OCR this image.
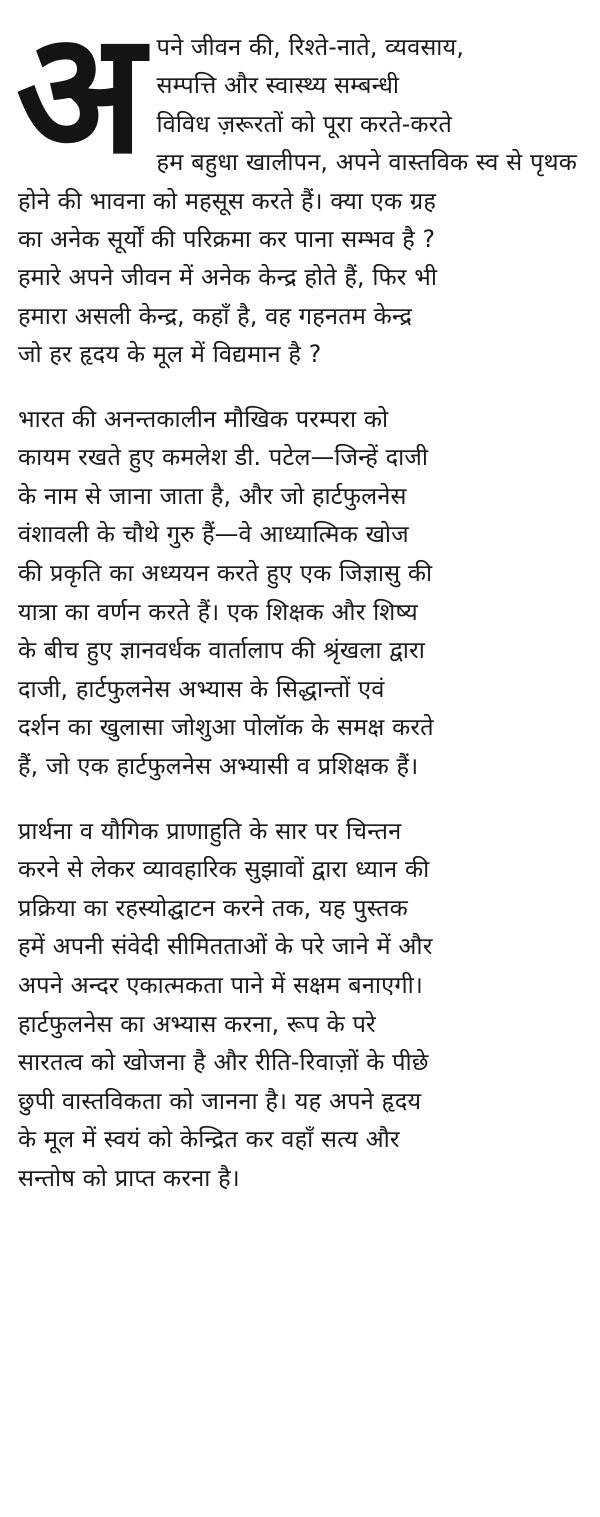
अ पने जीवन की, रिश्ते-नाते, व्यवसाय,
सम्पत्ति और स्वास्थ्य सम्बन्धी
विविध ज़रूरतों को पूरा करते-करते
हम बहुधा खालीपन, अपने वास्तविक स्व से पृथक
होने की भावना को महसूस करते हैं। क्या एक ग्रह
का अनेक सूर्यों की परिक्रमा कर पाना सम्भव है ?
हमारे अपने जीवन में अनेक केन्द्र होते हैं, फिर भी
हमारा असली केन्द्र, कहाँ है, वह गहनतम केन्द्र
जो हर हृदय के मूल में विद्यमान है ?
भारत की अनन्तकालीन मौखिक परम्परा को
कायम रखते हुए कमलेश डी. पटेल—जिन्हें दाजी
के नाम से जाना जाता है, और जो हार्टफुलनेस
वंशावली के चौथे गुरु हैं—वे आध्यात्मिक खोज
की प्रकृति का अध्ययन करते हुए एक जिज्ञासु की
यात्रा का वर्णन करते हैं। एक शिक्षक और शिष्य
के बीच हुए ज्ञानवर्धक वार्तालाप की श्रृंखला द्वारा
दाजी, हार्टफुलनेस अभ्यास के सिद्धान्तों एवं
दर्शन का खुलासा जोशुआ पोलॉक के समक्ष करते
हैं, जो एक हार्टफुलनेस अभ्यासी व प्रशिक्षक हैं।
प्रार्थना व यौगिक प्राणाहुति के सार पर चिन्तन
करने से लेकर व्यावहारिक सुझावों द्वारा ध्यान की
प्रक्रिया का रहस्योद्घाटन करने तक, यह पुस्तक
हमें अपनी संवेदी सीमितताओं के परे जाने में और
अपने अन्दर एकात्मकता पाने में सक्षम बनाएगी।
हार्टफुलनेस का अभ्यास करना, रूप के परे
सारतत्व को खोजना है और रीति-रिवाज़ों के पीछे
छुपी वास्तविकता को जानना है। यह अपने हृदय
के मूल में स्वयं को केन्द्रित कर वहाँ सत्य और
सन्तोष को प्राप्त करना है।
